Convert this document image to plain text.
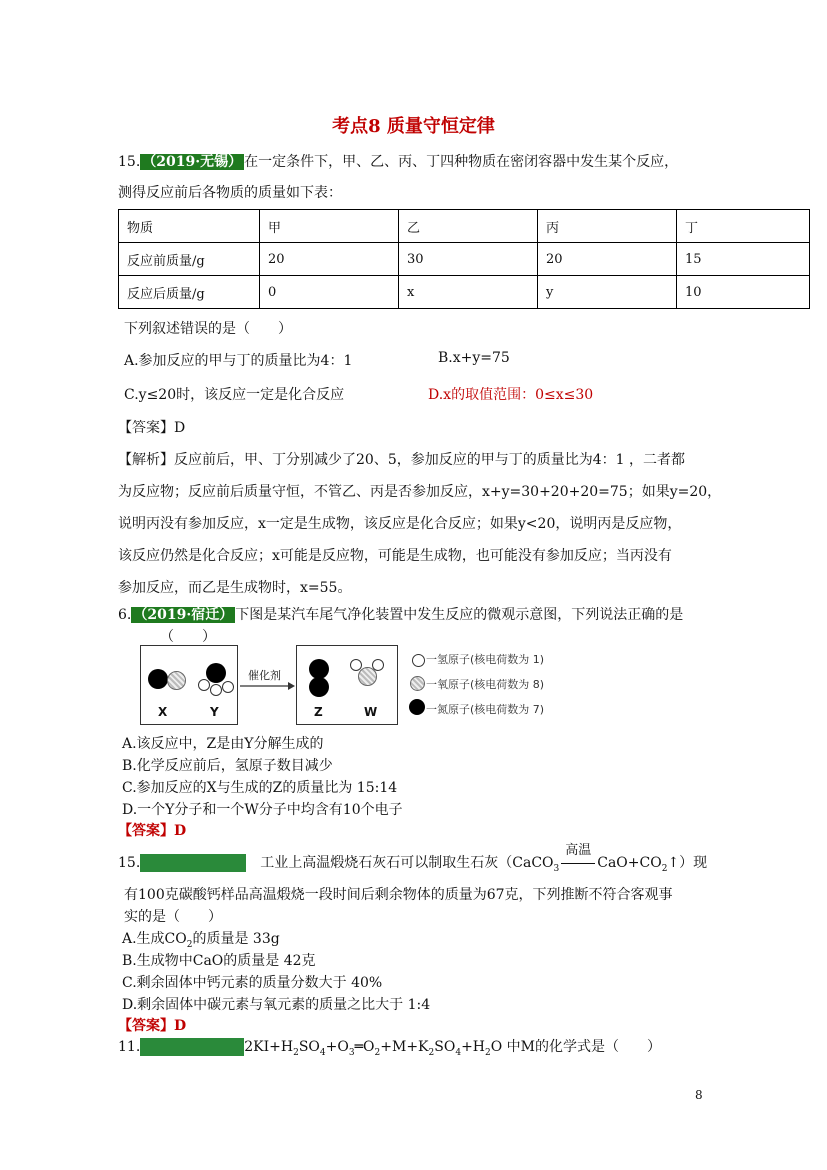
考点8 质量守恒定律
15. （2019·无锡） 在一定条件下，甲、乙、丙、丁四种物质在密闭容器中发生某个反应，
测得反应前后各物质的质量如下表：
物质	甲	乙	丙	丁
反应前质量/g	20	30	20	15
反应后质量/g	0	x	y	10
下列叙述错误的是（　　）
A.参加反应的甲与丁的质量比为4：1	B.x+y=75
C.y≤20时，该反应一定是化合反应	D.x的取值范围：0≤x≤30
【答案】D
【解析】反应前后，甲、丁分别减少了20、5，参加反应的甲与丁的质量比为4：1 ，二者都
为反应物；反应前后质量守恒，不管乙、丙是否参加反应，x+y=30+20+20=75；如果y=20，
说明丙没有参加反应，x一定是生成物，该反应是化合反应；如果y<20，说明丙是反应物，
该反应仍然是化合反应；x可能是反应物，可能是生成物，也可能没有参加反应；当丙没有
参加反应，而乙是生成物时，x=55。
6. （2019·宿迁） 下图是某汽车尾气净化装置中发生反应的微观示意图，下列说法正确的是
（　　）
X	Y
催化剂
Z	W
一氢原子(核电荷数为 1)
一氧原子(核电荷数为 8)
一氮原子(核电荷数为 7)
A.该反应中，Z是由Y分解生成的
B.化学反应前后，氢原子数目减少
C.参加反应的X与生成的Z的质量比为 15:14
D.一个Y分子和一个W分子中均含有10个电子
【答案】D
15.	工业上高温煅烧石灰石可以制取生石灰（CaCO$_3$
高温
$CaO+CO_2↑$）现
有100克碳酸钙样品高温煅烧一段时间后剩余物体的质量为67克，下列推断不符合客观事
实的是（　　）
A.生成$CO_2$的质量是 33g
B.生成物中CaO的质量是 42克
C.剩余固体中钙元素的质量分数大于 40%
D.剩余固体中碳元素与氧元素的质量之比大于 1:4
【答案】D
11.	$2KI+H_2SO_4+O_3═O_2+M+K_2SO_4+H_2O$ 中M的化学式是（　　）
8
